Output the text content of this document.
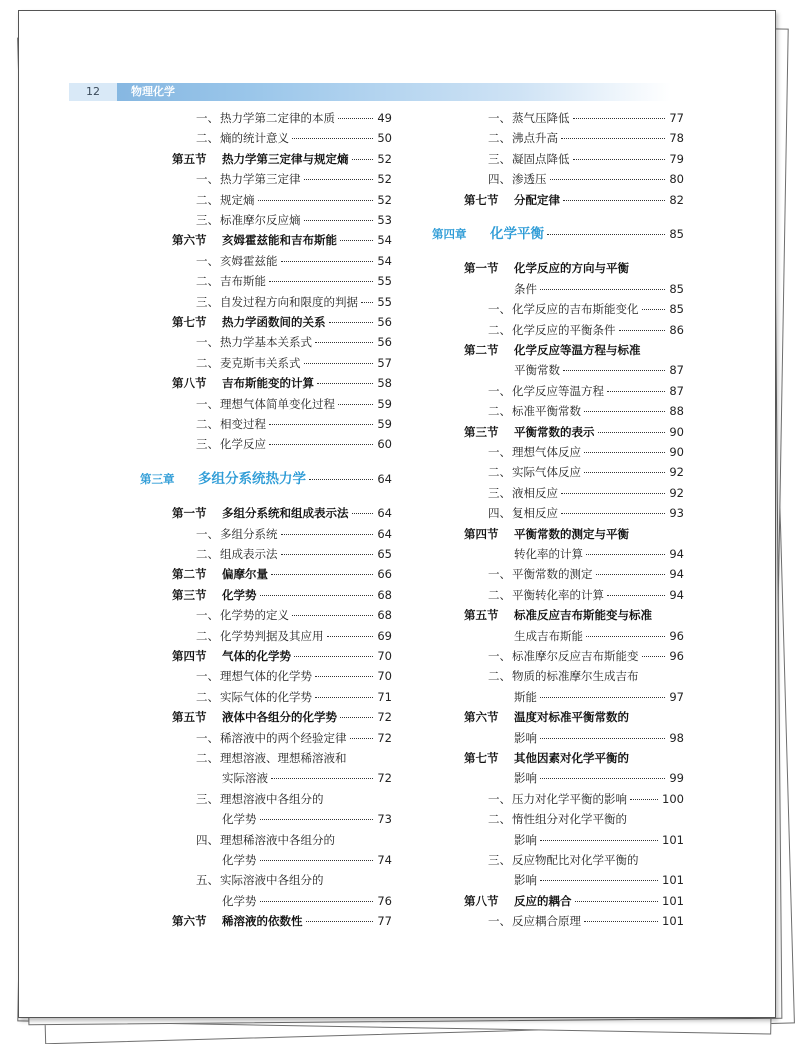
12	物理化学
一、 热力学第二定律的本质	49
二、 熵的统计意义	50
第五节 热力学第三定律与规定熵	52
一、 热力学第三定律	52
二、 规定熵	52
三、 标准摩尔反应熵	53
第六节 亥姆霍兹能和吉布斯能	54
一、 亥姆霍兹能	54
二、 吉布斯能	55
三、 自发过程方向和限度的判据 55
第七节 热力学函数间的关系	56
一、 热力学基本关系式	56
二、 麦克斯韦关系式	57
第八节 吉布斯能变的计算	58
一、 理想气体简单变化过程	59
二、 相变过程	59
三、 化学反应	60
第三章 多组分系统热力学	64
第一节 多组分系统和组成表示法	64
一、 多组分系统	64
二、 组成表示法	65
第二节 偏摩尔量	66
第三节 化学势	68
一、 化学势的定义	68
二、 化学势判据及其应用	69
第四节 气体的化学势	70
一、 理想气体的化学势	70
二、 实际气体的化学势	71
第五节 液体中各组分的化学势	72
一、 稀溶液中的两个经验定律	72
二、 理想溶液、理想稀溶液和
实际溶液	72
三、 理想溶液中各组分的
化学势	73
四、 理想稀溶液中各组分的
化学势	74
五、 实际溶液中各组分的
化学势	76
第六节 稀溶液的依数性	77
一、 蒸气压降低	77
二、 沸点升高	78
三、 凝固点降低	79
四、 渗透压	80
第七节 分配定律	82
第四章 化学平衡	85
第一节 化学反应的方向与平衡
条件	85
一、 化学反应的吉布斯能变化	85
二、 化学反应的平衡条件	86
第二节 化学反应等温方程与标准
平衡常数	87
一、 化学反应等温方程	87
二、 标准平衡常数	88
第三节 平衡常数的表示	90
一、 理想气体反应	90
二、 实际气体反应	92
三、 液相反应	92
四、 复相反应	93
第四节 平衡常数的测定与平衡
转化率的计算	94
一、 平衡常数的测定	94
二、 平衡转化率的计算	94
第五节 标准反应吉布斯能变与标准
生成吉布斯能	96
一、 标准摩尔反应吉布斯能变	96
二、 物质的标准摩尔生成吉布
斯能	97
第六节 温度对标准平衡常数的
影响	98
第七节 其他因素对化学平衡的
影响	99
一、 压力对化学平衡的影响	100
二、 惰性组分对化学平衡的
影响	101
三、 反应物配比对化学平衡的
影响	101
第八节 反应的耦合	101
一、 反应耦合原理	101
